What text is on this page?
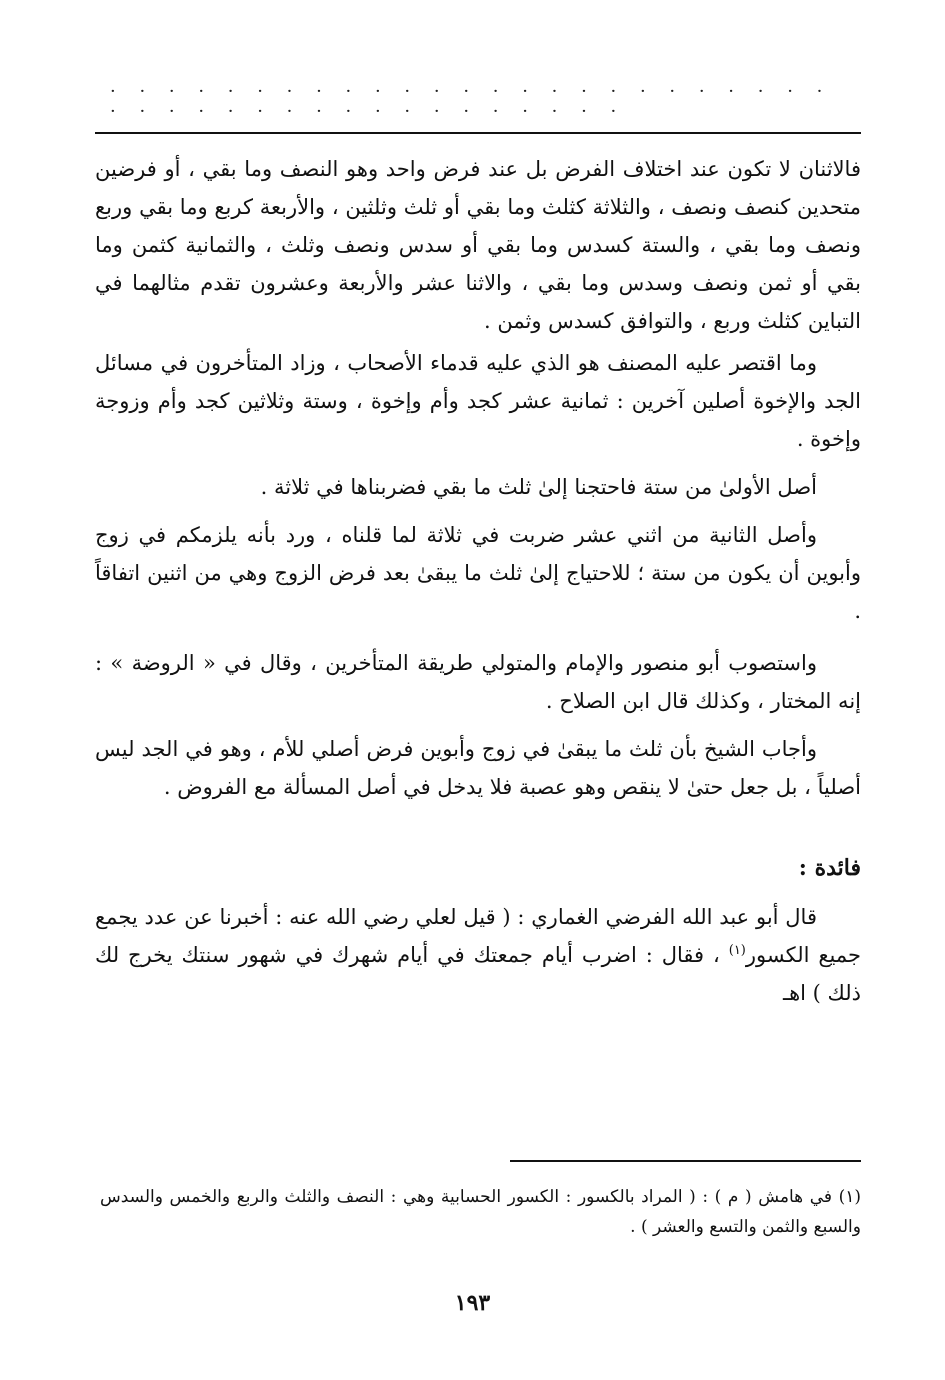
· · · · · · · · · · · · · · · · · · · · · · · · · · · · · · · · · · · · · · · · · · ·

فالاثنان لا تكون عند اختلاف الفرض بل عند فرض واحد وهو النصف وما بقي ، أو فرضين متحدين كنصف ونصف ، والثلاثة كثلث وما بقي أو ثلث وثلثين ، والأربعة كربع وما بقي وربع ونصف وما بقي ، والستة كسدس وما بقي أو سدس ونصف وثلث ، والثمانية كثمن وما بقي أو ثمن ونصف وسدس وما بقي ، والاثنا عشر والأربعة وعشرون تقدم مثالهما في التباين كثلث وربع ، والتوافق كسدس وثمن .

وما اقتصر عليه المصنف هو الذي عليه قدماء الأصحاب ، وزاد المتأخرون في مسائل الجد والإخوة أصلين آخرين : ثمانية عشر كجد وأم وإخوة ، وستة وثلاثين كجد وأم وزوجة وإخوة .

أصل الأولىٰ من ستة فاحتجنا إلىٰ ثلث ما بقي فضربناها في ثلاثة .

وأصل الثانية من اثني عشر ضربت في ثلاثة لما قلناه ، ورد بأنه يلزمكم في زوج وأبوين أن يكون من ستة ؛ للاحتياج إلىٰ ثلث ما يبقىٰ بعد فرض الزوج وهي من اثنين اتفاقاً .

واستصوب أبو منصور والإمام والمتولي طريقة المتأخرين ، وقال في « الروضة » : إنه المختار ، وكذلك قال ابن الصلاح .

وأجاب الشيخ بأن ثلث ما يبقىٰ في زوج وأبوين فرض أصلي للأم ، وهو في الجد ليس أصلياً ، بل جعل حتىٰ لا ينقص وهو عصبة فلا يدخل في أصل المسألة مع الفروض .

فائدة :

قال أبو عبد الله الفرضي الغماري : ( قيل لعلي رضي الله عنه : أخبرنا عن عدد يجمع جميع الكسور$^{(١)}$ ، فقال : اضرب أيام جمعتك في أيام شهرك في شهور سنتك يخرج لك ذلك ) اهـ

(١) في هامش ( م ) : ( المراد بالكسور : الكسور الحسابية وهي : النصف والثلث والربع والخمس والسدس والسبع والثمن والتسع والعشر ) .

١٩٣
